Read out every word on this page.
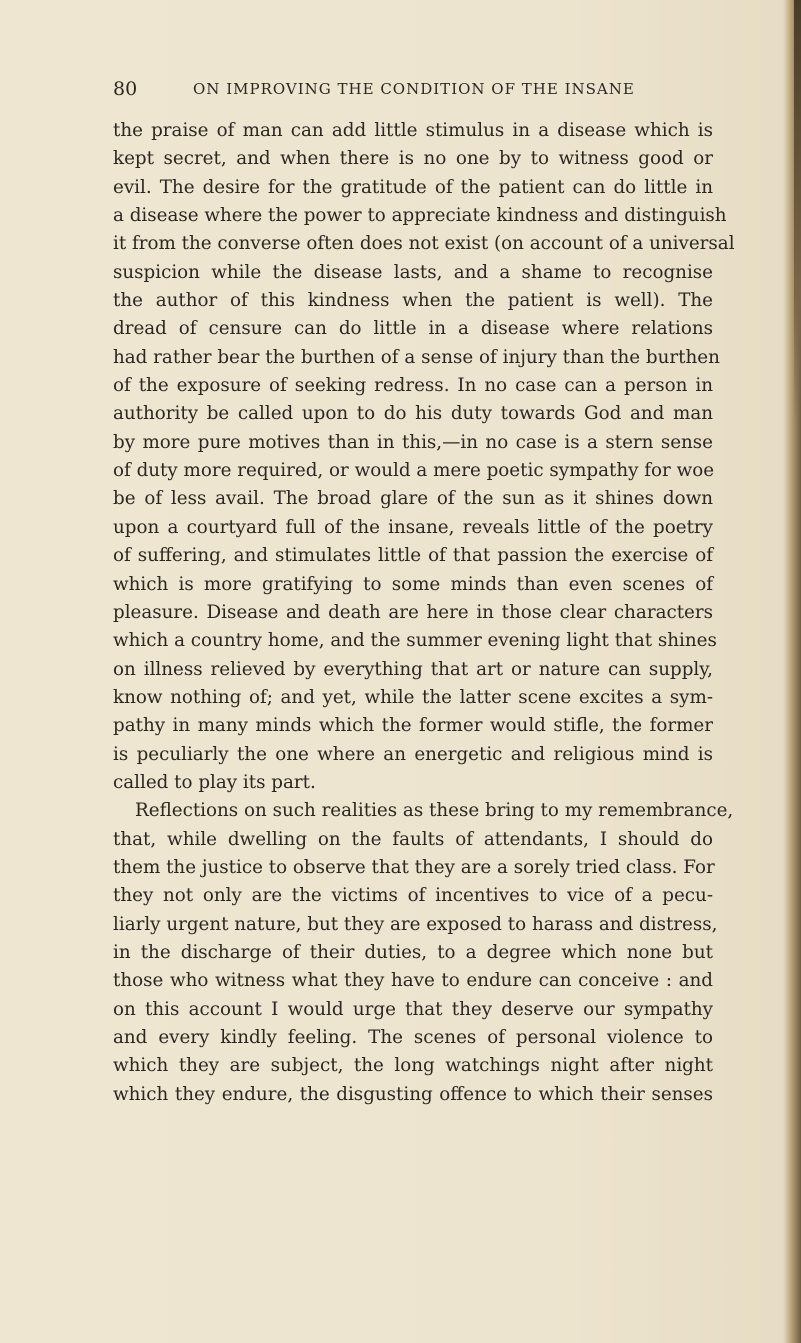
80	ON IMPROVING THE CONDITION OF THE INSANE
the praise of man can add little stimulus in a disease which is
kept secret, and when there is no one by to witness good or
evil. The desire for the gratitude of the patient can do little in
a disease where the power to appreciate kindness and distinguish
it from the converse often does not exist (on account of a universal
suspicion while the disease lasts, and a shame to recognise
the author of this kindness when the patient is well). The
dread of censure can do little in a disease where relations
had rather bear the burthen of a sense of injury than the burthen
of the exposure of seeking redress. In no case can a person in
authority be called upon to do his duty towards God and man
by more pure motives than in this,—in no case is a stern sense
of duty more required, or would a mere poetic sympathy for woe
be of less avail. The broad glare of the sun as it shines down
upon a courtyard full of the insane, reveals little of the poetry
of suffering, and stimulates little of that passion the exercise of
which is more gratifying to some minds than even scenes of
pleasure. Disease and death are here in those clear characters
which a country home, and the summer evening light that shines
on illness relieved by everything that art or nature can supply,
know nothing of; and yet, while the latter scene excites a sym-
pathy in many minds which the former would stifle, the former
is peculiarly the one where an energetic and religious mind is
called to play its part.
Reflections on such realities as these bring to my remembrance,
that, while dwelling on the faults of attendants, I should do
them the justice to observe that they are a sorely tried class. For
they not only are the victims of incentives to vice of a pecu-
liarly urgent nature, but they are exposed to harass and distress,
in the discharge of their duties, to a degree which none but
those who witness what they have to endure can conceive : and
on this account I would urge that they deserve our sympathy
and every kindly feeling. The scenes of personal violence to
which they are subject, the long watchings night after night
which they endure, the disgusting offence to which their senses
